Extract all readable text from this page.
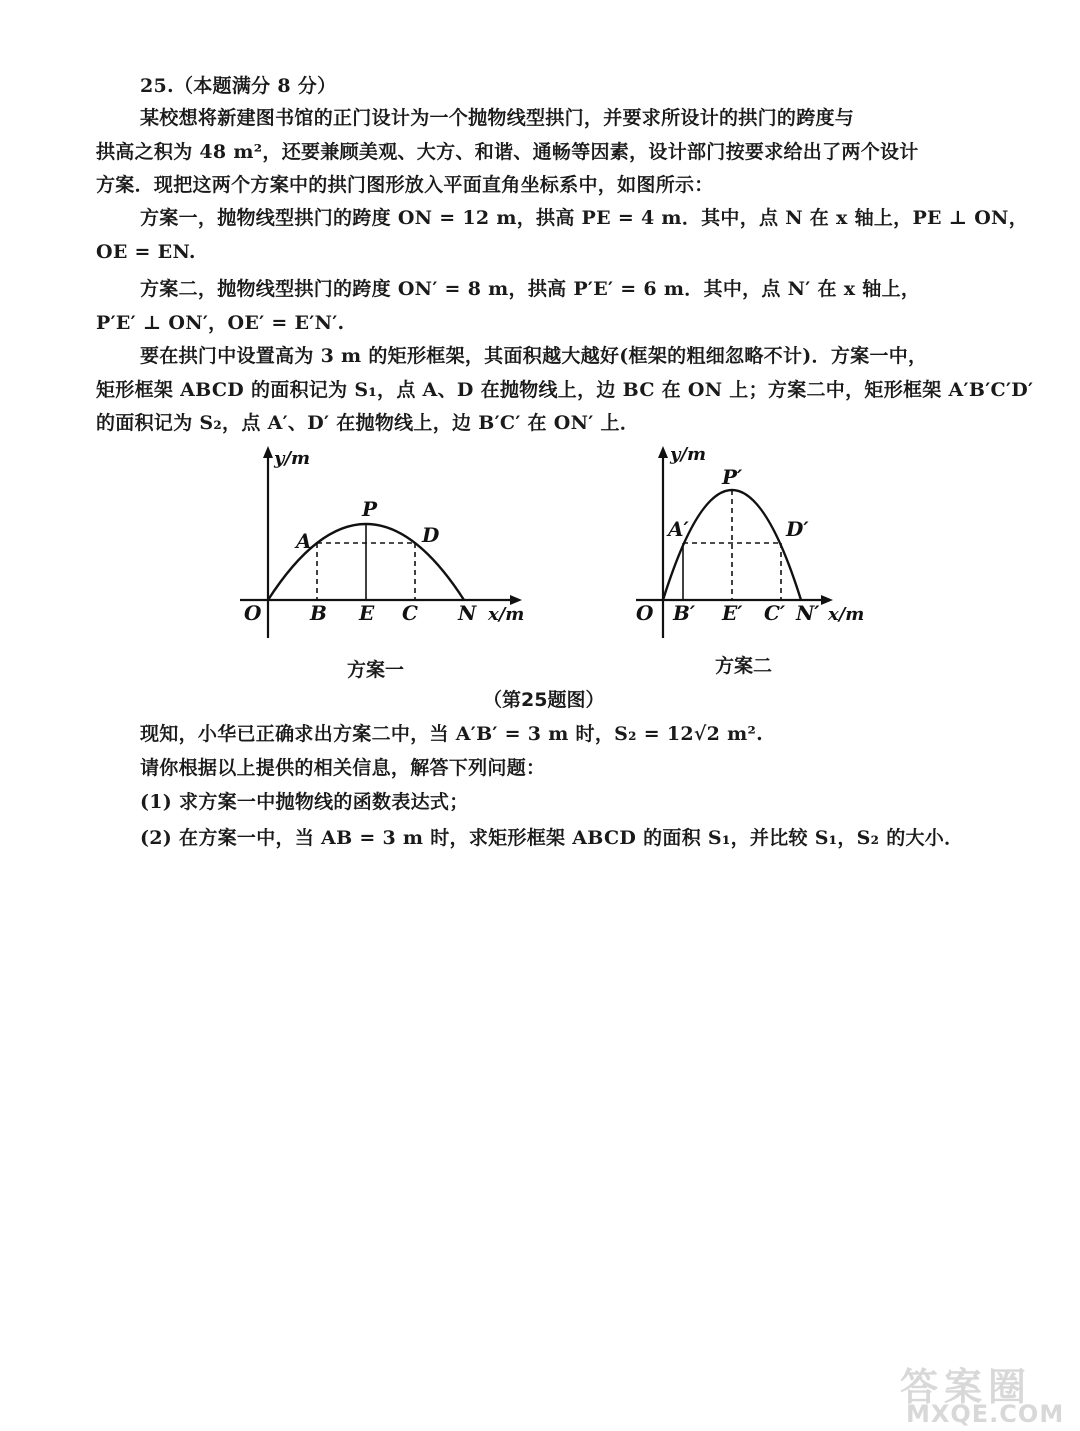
25.（本题满分 8 分）
某校想将新建图书馆的正门设计为一个抛物线型拱门，并要求所设计的拱门的跨度与
拱高之积为 48 m²，还要兼顾美观、大方、和谐、通畅等因素，设计部门按要求给出了两个设计
方案．现把这两个方案中的拱门图形放入平面直角坐标系中，如图所示：
方案一，抛物线型拱门的跨度 ON = 12 m，拱高 PE = 4 m．其中，点 N 在 x 轴上，PE ⊥ ON，
OE = EN.
方案二，抛物线型拱门的跨度 ON′ = 8 m，拱高 P′E′ = 6 m．其中，点 N′ 在 x 轴上，
P′E′ ⊥ ON′，OE′ = E′N′.
要在拱门中设置高为 3 m 的矩形框架，其面积越大越好(框架的粗细忽略不计)．方案一中，
矩形框架 ABCD 的面积记为 S₁，点 A、D 在抛物线上，边 BC 在 ON 上；方案二中，矩形框架 A′B′C′D′
的面积记为 S₂，点 A′、D′ 在抛物线上，边 B′C′ 在 ON′ 上．
y/m
x/m
O
A
P
D
B E C N
方案一
y/m
x/m
O
A′
P′
D′
B′ E′ C′ N′
方案二
（第25题图）
现知，小华已正确求出方案二中，当 A′B′ = 3 m 时，S₂ = 12√2 m².
请你根据以上提供的相关信息，解答下列问题：
(1) 求方案一中抛物线的函数表达式；
(2) 在方案一中，当 AB = 3 m 时，求矩形框架 ABCD 的面积 S₁，并比较 S₁，S₂ 的大小．
答案圈
MXQE.COM
